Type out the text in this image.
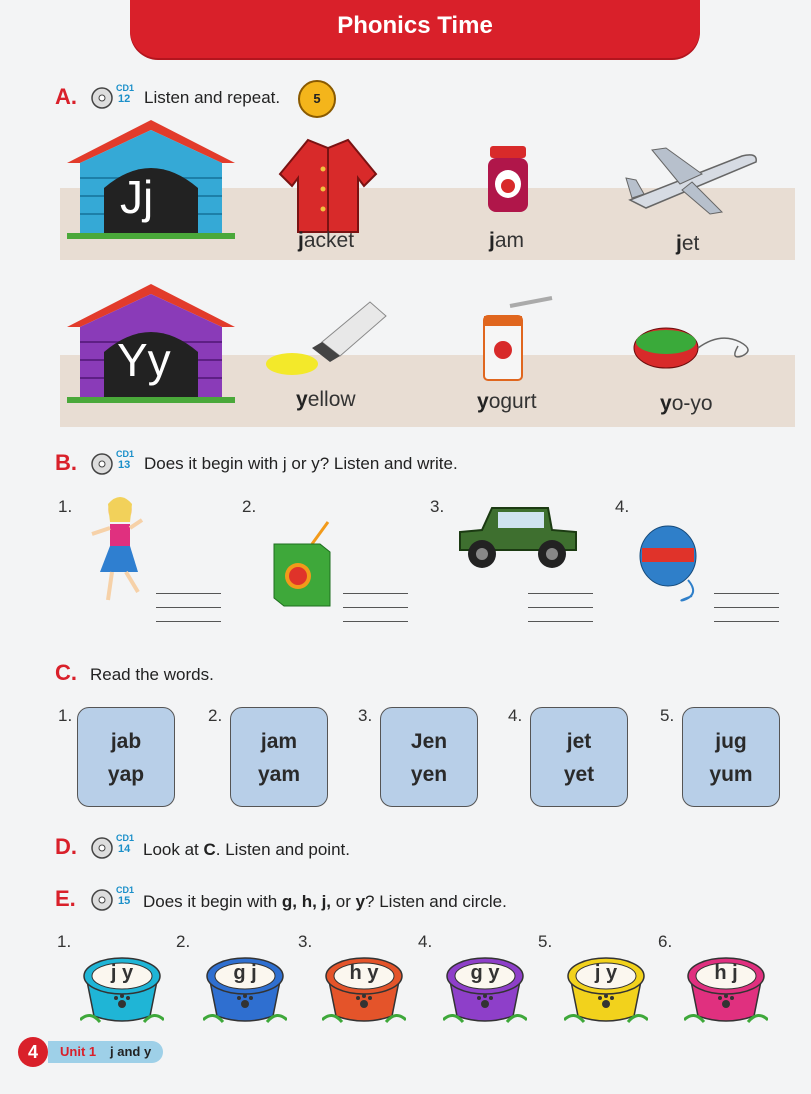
Phonics Time
A.	CD1
12 Listen and repeat.	5
Jj
jacket	jam	jet
Yy
yellow	yogurt	yo-yo
B.	CD1
13 Does it begin with j or y? Listen and write.
1.	2.	3.	4.
C. Read the words.
1.
jab
yap
2.
jam
yam
3.
Jen
yen
4.
jet
yet
5.
jug
yum
D.	CD1
14 Look at C. Listen and point.
E.	CD1
15 Does it begin with g, h, j, or y? Listen and circle.
1.
j y
2.
g j
3.
h y
4.
g y
5.
j y
6.
h j
4	Unit 1 j and y
